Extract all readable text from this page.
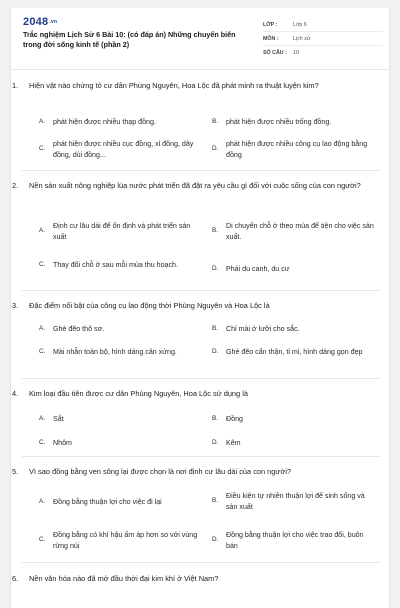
2048.vn
Trắc nghiệm Lịch Sử 6 Bài 10: (có đáp án) Những chuyển biến trong đời sống kinh tế (phần 2)
LỚP :	Lớp 6
MÔN :	Lịch sử
SỐ CÂU :	10
1.	Hiện vật nào chứng tỏ cư dân Phùng Nguyên, Hoa Lộc đã phát minh ra thuật luyện kim?
A.	phát hiện được nhiều thạp đồng.	B.	phát hiện được nhiều trống đồng.
C.
phát hiện được nhiều cục đồng, xỉ đồng, dây đồng, dùi đồng...
D.
phát hiện được nhiều công cụ lao động bằng đồng
2.	Nền sản xuất nông nghiệp lúa nước phát triển đã đặt ra yêu cầu gì đối với cuộc sống của con người?
A.
Định cư lâu dài để ổn định và phát triển sản xuất
B.
Di chuyển chỗ ở theo mùa để tiện cho việc sản xuất.
C.	Thay đổi chỗ ở sau mỗi mùa thu hoạch.	D.	Phải du canh, du cư
3.	Đặc điểm nổi bật của công cụ lao động thời Phùng Nguyên và Hoa Lộc là
A.	Ghè đẽo thô sơ.	B.	Chỉ mài ở lưỡi cho sắc.
C.	Mài nhẵn toàn bộ, hình dáng cân xứng.	D.	Ghè đẽo cẩn thận, tỉ mỉ, hình dáng gọn đẹp
4.	Kim loại đầu tiên được cư dân Phùng Nguyên, Hoa Lộc sử dụng là
A.	Sắt	B.	Đồng
C.	Nhôm	D.	Kẽm
5.	Vì sao đồng bằng ven sông lại được chọn là nơi định cư lâu dài của con người?
A.	Đồng bằng thuận lợi cho việc đi lại	B.
Điều kiện tự nhiên thuận lợi để sinh sống và sản xuất
C.
Đồng bằng có khí hậu ấm áp hơn so với vùng rừng núi
D.
Đồng bằng thuận lợi cho việc trao đổi, buôn bán
6.	Nền văn hóa nào đã mở đầu thời đại kim khí ở Việt Nam?
